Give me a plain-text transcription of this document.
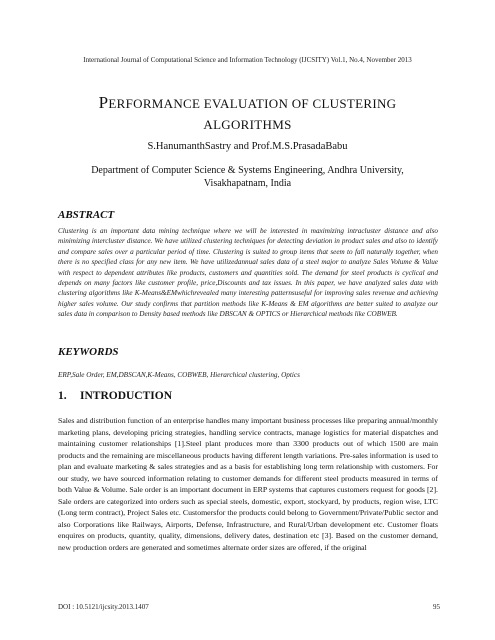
International Journal of Computational Science and Information Technology (IJCSITY) Vol.1, No.4, November 2013
PERFORMANCE EVALUATION OF CLUSTERING
ALGORITHMS
S.HanumanthSastry and Prof.M.S.PrasadaBabu
Department of Computer Science & Systems Engineering, Andhra University,
Visakhapatnam, India
ABSTRACT
Clustering is an important data mining technique where we will be interested in maximizing intracluster distance and also minimizing intercluster distance. We have utilized clustering techniques for detecting deviation in product sales and also to identify and compare sales over a particular period of time. Clustering is suited to group items that seem to fall naturally together, when there is no specified class for any new item. We have utilizedannual sales data of a steel major to analyze Sales Volume & Value with respect to dependent attributes like products, customers and quantities sold. The demand for steel products is cyclical and depends on many factors like customer profile, price,Discounts and tax issues. In this paper, we have analyzed sales data with clustering algorithms like K-Means&EMwhichrevealed many interesting patternsuseful for improving sales revenue and achieving higher sales volume. Our study confirms that partition methods like K-Means & EM algorithms are better suited to analyze our sales data in comparison to Density based methods like DBSCAN & OPTICS or Hierarchical methods like COBWEB.
KEYWORDS
ERP,Sale Order, EM,DBSCAN,K-Means, COBWEB, Hierarchical clustering, Optics
1. INTRODUCTION
Sales and distribution function of an enterprise handles many important business processes like preparing annual/monthly marketing plans, developing pricing strategies, handling service contracts, manage logistics for material dispatches and maintaining customer relationships [1].Steel plant produces more than 3300 products out of which 1500 are main products and the remaining are miscellaneous products having different length variations. Pre-sales information is used to plan and evaluate marketing & sales strategies and as a basis for establishing long term relationship with customers. For our study, we have sourced information relating to customer demands for different steel products measured in terms of both Value & Volume. Sale order is an important document in ERP systems that captures customers request for goods [2]. Sale orders are categorized into orders such as special steels, domestic, export, stockyard, by products, region wise, LTC (Long term contract), Project Sales etc. Customersfor the products could belong to Government/Private/Public sector and also Corporations like Railways, Airports, Defense, Infrastructure, and Rural/Urban development etc. Customer floats enquires on products, quantity, quality, dimensions, delivery dates, destination etc [3]. Based on the customer demand, new production orders are generated and sometimes alternate order sizes are offered, if the original
DOI : 10.5121/ijcsity.2013.1407	95
